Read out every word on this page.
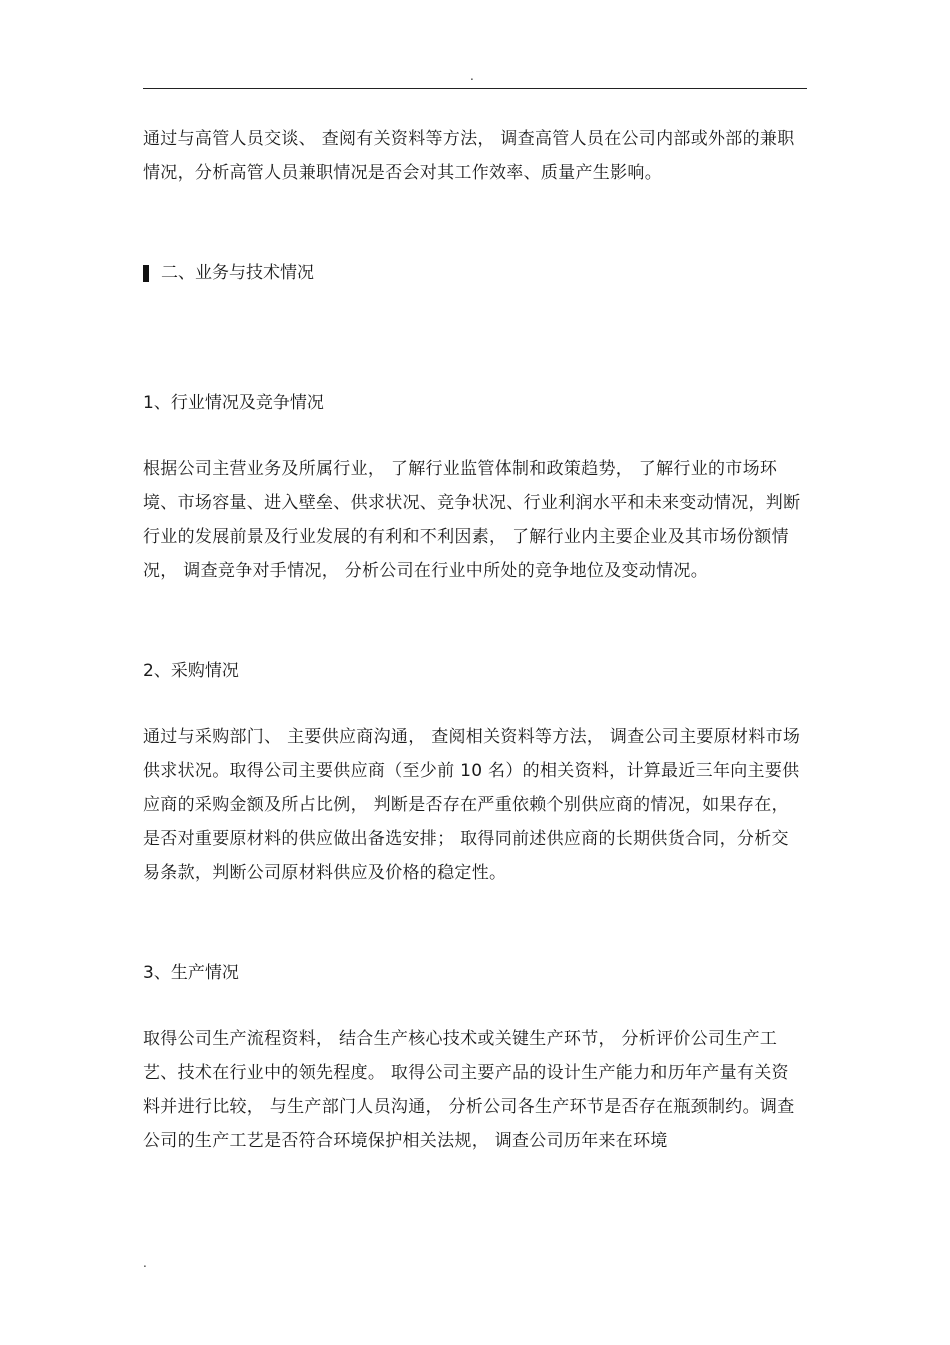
.

通过与高管人员交谈、 查阅有关资料等方法， 调查高管人员在公司内部或外部的兼职情况，分析高管人员兼职情况是否会对其工作效率、质量产生影响。

二、业务与技术情况

1、行业情况及竞争情况

根据公司主营业务及所属行业， 了解行业监管体制和政策趋势， 了解行业的市场环境、市场容量、进入壁垒、供求状况、竞争状况、行业利润水平和未来变动情况，判断行业的发展前景及行业发展的有利和不利因素， 了解行业内主要企业及其市场份额情况， 调查竞争对手情况， 分析公司在行业中所处的竞争地位及变动情况。

2、采购情况

通过与采购部门、 主要供应商沟通， 查阅相关资料等方法， 调查公司主要原材料市场供求状况。取得公司主要供应商（至少前 10 名）的相关资料，计算最近三年向主要供应商的采购金额及所占比例， 判断是否存在严重依赖个别供应商的情况，如果存在， 是否对重要原材料的供应做出备选安排； 取得同前述供应商的长期供货合同，分析交易条款，判断公司原材料供应及价格的稳定性。

3、生产情况

取得公司生产流程资料， 结合生产核心技术或关键生产环节， 分析评价公司生产工艺、技术在行业中的领先程度。 取得公司主要产品的设计生产能力和历年产量有关资料并进行比较， 与生产部门人员沟通， 分析公司各生产环节是否存在瓶颈制约。调查公司的生产工艺是否符合环境保护相关法规， 调查公司历年来在环境

.
